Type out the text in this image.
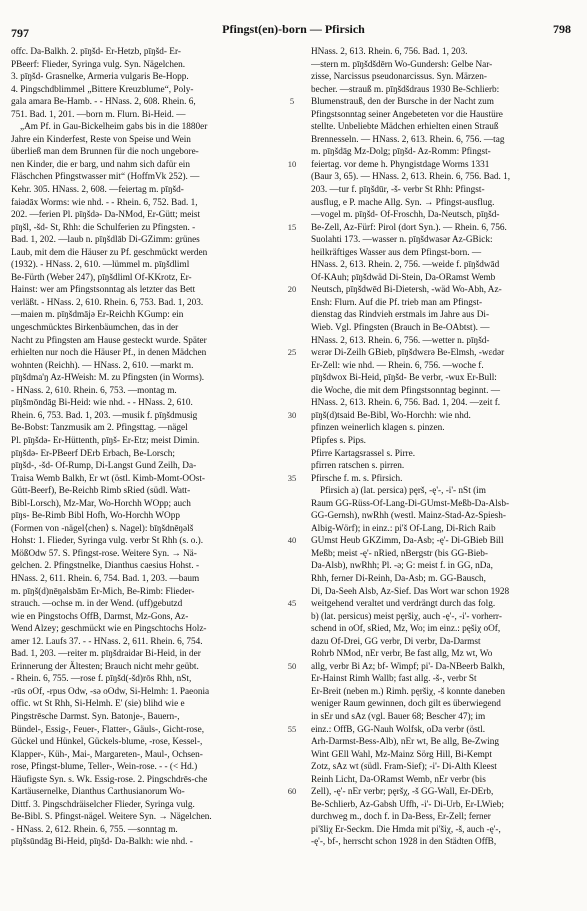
797	Pfingst(en)-born — Pfirsich	798
offc. Da-Balkh. 2. pīŋšd- Er-Hetzb, pīŋšd- Er-
PBeerf: Flieder, Syringa vulg. Syn. Nägelchen.
3. pīŋšd- Grasnelke, Armeria vulgaris Be-Hopp.
4. Pingschdblimmel „Bittere Kreuzblume“, Poly-
gala amara Be-Hamb. - - HNass. 2, 608. Rhein. 6,
751. Bad. 1, 201. —born m. Flurn. Bi-Heid. —
„Am Pf. in Gau-Bickelheim gabs bis in die 1880er
Jahre ein Kinderfest, Reste von Speise und Wein
überließ man dem Brunnen für die noch ungebore-
nen Kinder, die er barg, und nahm sich dafür ein
Fläschchen Pfingstwasser mit“ (HoffmVk 252). —
Kehr. 305. HNass. 2, 608. —feiertag m. pīŋšd-
faiədāx Worms: wie nhd. - - Rhein. 6, 752. Bad. 1,
202. —ferien Pl. pīŋšdə- Da-NMod, Er-Gütt; meist
pīŋšl, -šd- St, Rhh: die Schulferien zu Pfingsten. -
Bad. 1, 202. —laub n. pīŋšdlāb Di-GZimm: grünes
Laub, mit dem die Häuser zu Pf. geschmückt werden
(1932). - HNass. 2, 610. —lümmel m. pīŋšdliml
Be-Fürth (Weber 247), pīŋšdliml Of-KKrotz, Er-
Hainst: wer am Pfingstsonntag als letzter das Bett
verläßt. - HNass. 2, 610. Rhein. 6, 753. Bad. 1, 203.
—maien m. pīŋšdmājə Er-Reichh KGump: ein
ungeschmücktes Birkenbäumchen, das in der
Nacht zu Pfingsten am Hause gesteckt wurde. Später
erhielten nur noch die Häuser Pf., in denen Mädchen
wohnten (Reichh). — HNass. 2, 610. —markt m.
pīŋšdma'ŋ Az-HWeish: M. zu Pfingsten (in Worms).
- HNass. 2, 610. Rhein. 6, 753. —montag m.
pīŋšmōndāg Bi-Heid: wie nhd. - - HNass. 2, 610.
Rhein. 6, 753. Bad. 1, 203. —musik f. pīŋšdmusig
Be-Bobst: Tanzmusik am 2. Pfingsttag. —nägel
Pl. pīŋšdə- Er-Hüttenth, pīŋš- Er-Etz; meist Dimin.
pīŋšdə- Er-PBeerf DErb Erbach, Be-Lorsch;
pīŋšd-, -šd- Of-Rump, Di-Langst Gund Zeilh, Da-
Traisa Wemb Balkh, Er wt (östl. Kimb-Momt-OOst-
Gütt-Beerf), Be-Reichb Rimb sRied (südl. Watt-
Bibl-Lorsch), Mz-Mar, Wo-Horchh WOpp; auch
pīŋs- Be-Rimb Bibl Hofh, Wo-Horchh WOpp
(Formen von -nägel⟨chen⟩ s. Nagel): bīŋšdnēŋəlš
Hohst: 1. Flieder, Syringa vulg. verbr St Rhh (s. o.).
MößOdw 57. S. Pfingst-rose. Weitere Syn. → Nä-
gelchen. 2. Pfingstnelke, Dianthus caesius Hohst. -
HNass. 2, 611. Rhein. 6, 754. Bad. 1, 203. —baum
m. pīŋš(d)nēŋəlsbām Er-Mich, Be-Rimb: Flieder-
strauch. —ochse m. in der Wend. (uff)gebutzd
wie en Pingstochs OffB, Darmst, Mz-Gons, Az-
Wend Alzey; geschmückt wie en Pingschtochs Holz-
amer 12. Laufs 37. - - HNass. 2, 611. Rhein. 6, 754.
Bad. 1, 203. —reiter m. pīŋšdraidər Bi-Heid, in der
Erinnerung der Ältesten; Brauch nicht mehr geübt.
- Rhein. 6, 755. —rose f. pīŋšd(-šd)rōs Rhh, nSt,
-rūs oOf, -rpus Odw, -sə oOdw, Si-Helmh: 1. Paeonia
offic. wt St Rhh, Si-Helmh. E' (sie) blihd wie e
Pingstrēsche Darmst. Syn. Batonje-, Bauern-,
Bündel-, Essig-, Feuer-, Flatter-, Gäuls-, Gicht-rose,
Gückel und Hünkel, Gückels-blume, -rose, Kessel-,
Klapper-, Küh-, Mai-, Margareten-, Maul-, Ochsen-
rose, Pfingst-blume, Teller-, Wein-rose. - - (< Hd.)
Häufigste Syn. s. Wk. Essig-rose. 2. Pingschdrēs-che
Kartäusernelke, Dianthus Carthusianorum Wo-
Dittf. 3. Pingschdräiselcher Flieder, Syringa vulg.
Be-Bibl. S. Pfingst-nägel. Weitere Syn. → Nägelchen.
- HNass. 2, 612. Rhein. 6, 755. —sonntag m.
pīŋšsūndāg Bi-Heid, pīŋšd- Da-Balkh: wie nhd. -
5
10
15
20
25
30
35
40
45
50
55
60
HNass. 2, 613. Rhein. 6, 756. Bad. 1, 203.
—stern m. pīŋšdšdērn Wo-Gundersh: Gelbe Nar-
zisse, Narcissus pseudonarcissus. Syn. Märzen-
becher. —strauß m. pīŋšdšdraus 1930 Be-Schlierb:
Blumenstrauß, den der Bursche in der Nacht zum
Pfingstsonntag seiner Angebeteten vor die Haustüre
stellte. Unbeliebte Mädchen erhielten einen Strauß
Brennesseln. — HNass. 2, 613. Rhein. 6, 756. —tag
m. pīŋšdāg Mz-Dolg; pīŋšd- Az-Romm: Pfingst-
feiertag. vor deme h. Phyngistdage Worms 1331
(Baur 3, 65). — HNass. 2, 613. Rhein. 6, 756. Bad. 1,
203. —tur f. pīŋšdūr, -š- verbr St Rhh: Pfingst-
ausflug, e P. mache Allg. Syn. → Pfingst-ausflug.
—vogel m. pīŋšd- Of-Froschh, Da-Neutsch, pīŋšd-
Be-Zell, Az-Fürf: Pirol (dort Syn.). — Rhein. 6, 756.
Suolahti 173. —wasser n. pīŋšdwasər Az-GBick:
heilkräftiges Wasser aus dem Pfingst-born. —
HNass. 2, 613. Rhein. 2, 756. —weide f. pīŋšdwād
Of-KAuh; pīŋšdwäd Di-Stein, Da-ORamst Wemb
Neutsch, pīŋšdwēd Bi-Dietersh, -wäd Wo-Abh, Az-
Ensh: Flurn. Auf die Pf. trieb man am Pfingst-
dienstag das Rindvieh erstmals im Jahre aus Di-
Wieb. Vgl. Pfingsten (Brauch in Be-OAbtst). —
HNass. 2, 613. Rhein. 6, 756. —wetter n. pīŋšd-
wεrər Di-Zeilh GBieb, pīŋšdwεrə Be-Elmsh, -wεdər
Er-Zell: wie nhd. — Rhein. 6, 756. —woche f.
pīŋšdwox Bi-Heid, pīŋšd- Be verbr, -wux Er-Bull:
die Woche, die mit dem Pfingstsonntag beginnt. —
HNass. 2, 613. Rhein. 6, 756. Bad. 1, 204. —zeit f.
pīŋš(d)tsaid Be-Bibl, Wo-Horchh: wie nhd.
pfinzen weinerlich klagen s. pinzen.
Pfipfes s. Pips.
Pfirre Kartagsrassel s. Pirre.
pfirren ratschen s. pirren.
Pfirsche f. m. s. Pfirsich.
Pfirsich a) (lat. persica) pęrš, -ę'-, -i'- nSt (im
Raum GG-Rüss-Of-Lang-Di-GUmst-Meßb-Da-Alsb-
GG-Gernsh), nwRhh (westl. Mainz-Stad-Az-Spiesh-
Albig-Wörf); in einz.: pi'š Of-Lang, Di-Rich Raib
GUmst Heub GKZimm, Da-Asb; -ę'- Di-GBieb Bill
Meßb; meist -ę'- nRied, nBergstr (bis GG-Bieb-
Da-Alsb), nwRhh; Pl. -ə; G: meist f. in GG, nDa,
Rhh, ferner Di-Reinh, Da-Asb; m. GG-Bausch,
Di, Da-Seeh Alsb, Az-Sief. Das Wort war schon 1928
weitgehend veraltet und verdrängt durch das folg.
b) (lat. persicus) meist pęršiχ, auch -ę'-, -i'- vorherr-
schend in oOf, sRied, Mz, Wo; im einz.: pęšiχ oOf,
dazu Of-Drei, GG verbr, Di verbr, Da-Darmst
Rohrb NMod, nEr verbr, Be fast allg, Mz wt, Wo
allg, verbr Bi Az; bf- Wimpf; pi'- Da-NBeerb Balkh,
Er-Hainst Rimh Wallb; fast allg. -š-, verbr St
Er-Breit (neben m.) Rimh. pęršiχ, -š konnte daneben
weniger Raum gewinnen, doch gilt es überwiegend
in sEr und sAz (vgl. Bauer 68; Bescher 47); im
einz.: OffB, GG-Nauh Wolfsk, oDa verbr (östl.
Arh-Darmst-Bess-Alb), nEr wt, Be allg, Be-Zwing
Wint GEll Wahl, Mz-Mainz Sörg Hill, Bi-Kempt
Zotz, sAz wt (südl. Fram-Sief); -i'- Di-Alth Kleest
Reinh Licht, Da-ORamst Wemb, nEr verbr (bis
Zell), -ę'- nEr verbr; pęršχ, -š GG-Wall, Er-DErb,
Be-Schlierb, Az-Gabsh Uffh, -i'- Di-Urb, Er-LWieb;
durchweg m., doch f. in Da-Bess, Er-Zell; ferner
pi'šliχ Er-Seckm. Die Hmda mit pi'šiχ, -š, auch -ę'-,
-ę'-, bf-, herrscht schon 1928 in den Städten OffB,
